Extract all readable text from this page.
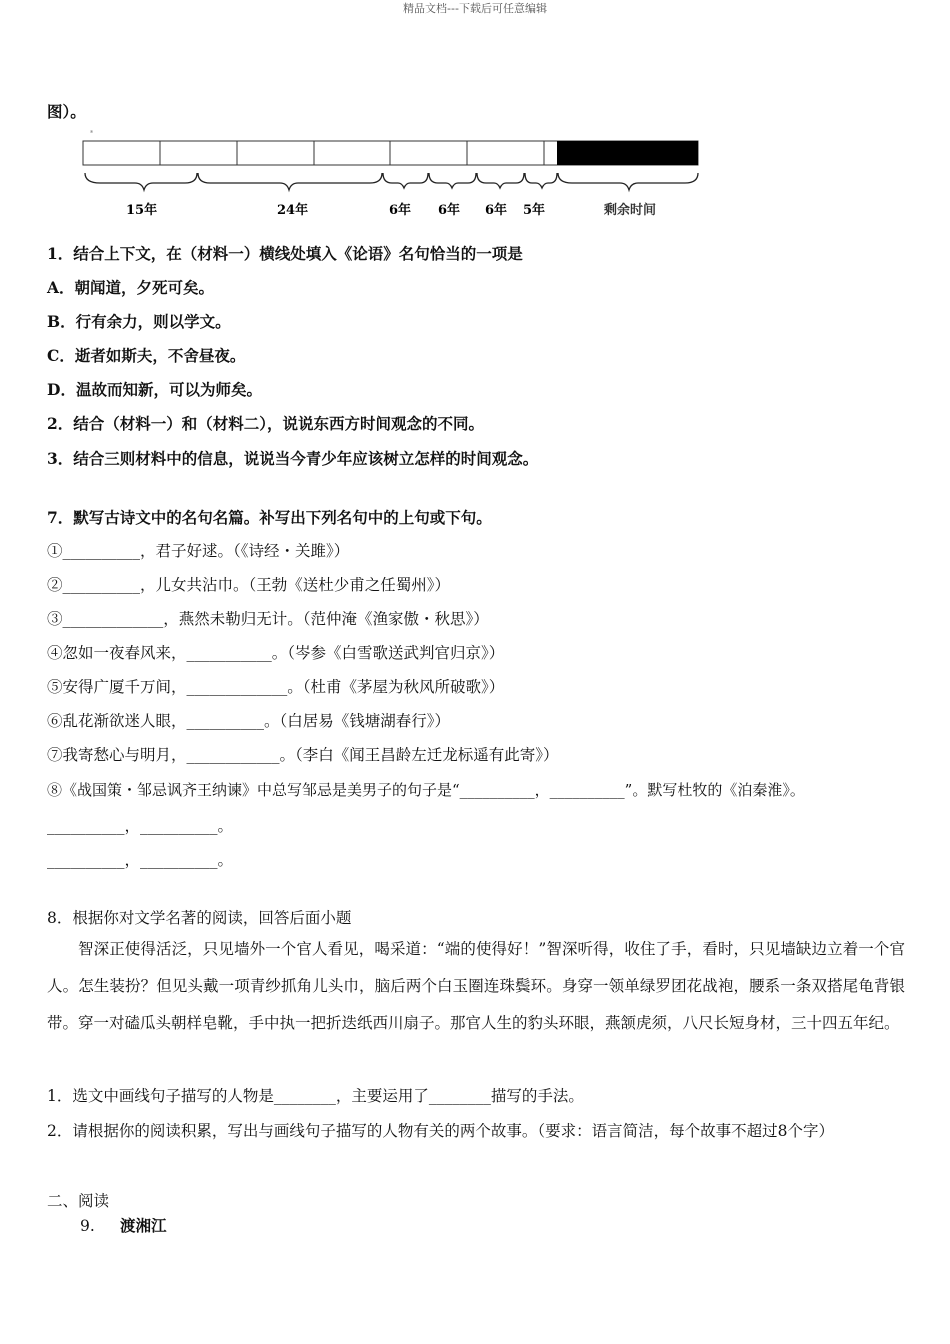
精品文档---下载后可任意编辑
图）。
*
15年	24年	6年 6年 6年 5年	剩余时间
1．结合上下文，在（材料一）横线处填入《论语》名句恰当的一项是
A．朝闻道，夕死可矣。
B．行有余力，则以学文。
C．逝者如斯夫，不舍昼夜。
D．温故而知新，可以为师矣。
2．结合（材料一）和（材料二），说说东西方时间观念的不同。
3．结合三则材料中的信息，说说当今青少年应该树立怎样的时间观念。
7．默写古诗文中的名句名篇。补写出下列名句中的上句或下句。
①__________，君子好逑。（《诗经・关雎》）
②__________，儿女共沾巾。（王勃《送杜少甫之任蜀州》）
③_____________，燕然未勒归无计。（范仲淹《渔家傲・秋思》）
④忽如一夜春风来，___________。（岑参《白雪歌送武判官归京》）
⑤安得广厦千万间，_____________。（杜甫《茅屋为秋风所破歌》）
⑥乱花渐欲迷人眼，__________。（白居易《钱塘湖春行》）
⑦我寄愁心与明月，____________。（李白《闻王昌龄左迁龙标遥有此寄》）
⑧《战国策・邹忌讽齐王纳谏》中总写邹忌是美男子的句子是“__________，__________”。默写杜牧的《泊秦淮》。
__________，__________。
__________，__________。
8．根据你对文学名著的阅读，回答后面小题
智深正使得活泛，只见墙外一个官人看见，喝采道：“端的使得好！”智深听得，收住了手，看时，只见墙缺边立着一个官人。怎生装扮？但见头戴一项青纱抓角儿头巾，脑后两个白玉圈连珠鬓环。身穿一领单绿罗团花战袍，腰系一条双搭尾龟背银带。穿一对磕瓜头朝样皂靴，手中执一把折迭纸西川扇子。那官人生的豹头环眼，燕颔虎须，八尺长短身材，三十四五年纪。
1．选文中画线句子描写的人物是________，主要运用了________描写的手法。
2．请根据你的阅读积累，写出与画线句子描写的人物有关的两个故事。（要求：语言简洁，每个故事不超过8个字）
二、阅读
9. 渡湘江
